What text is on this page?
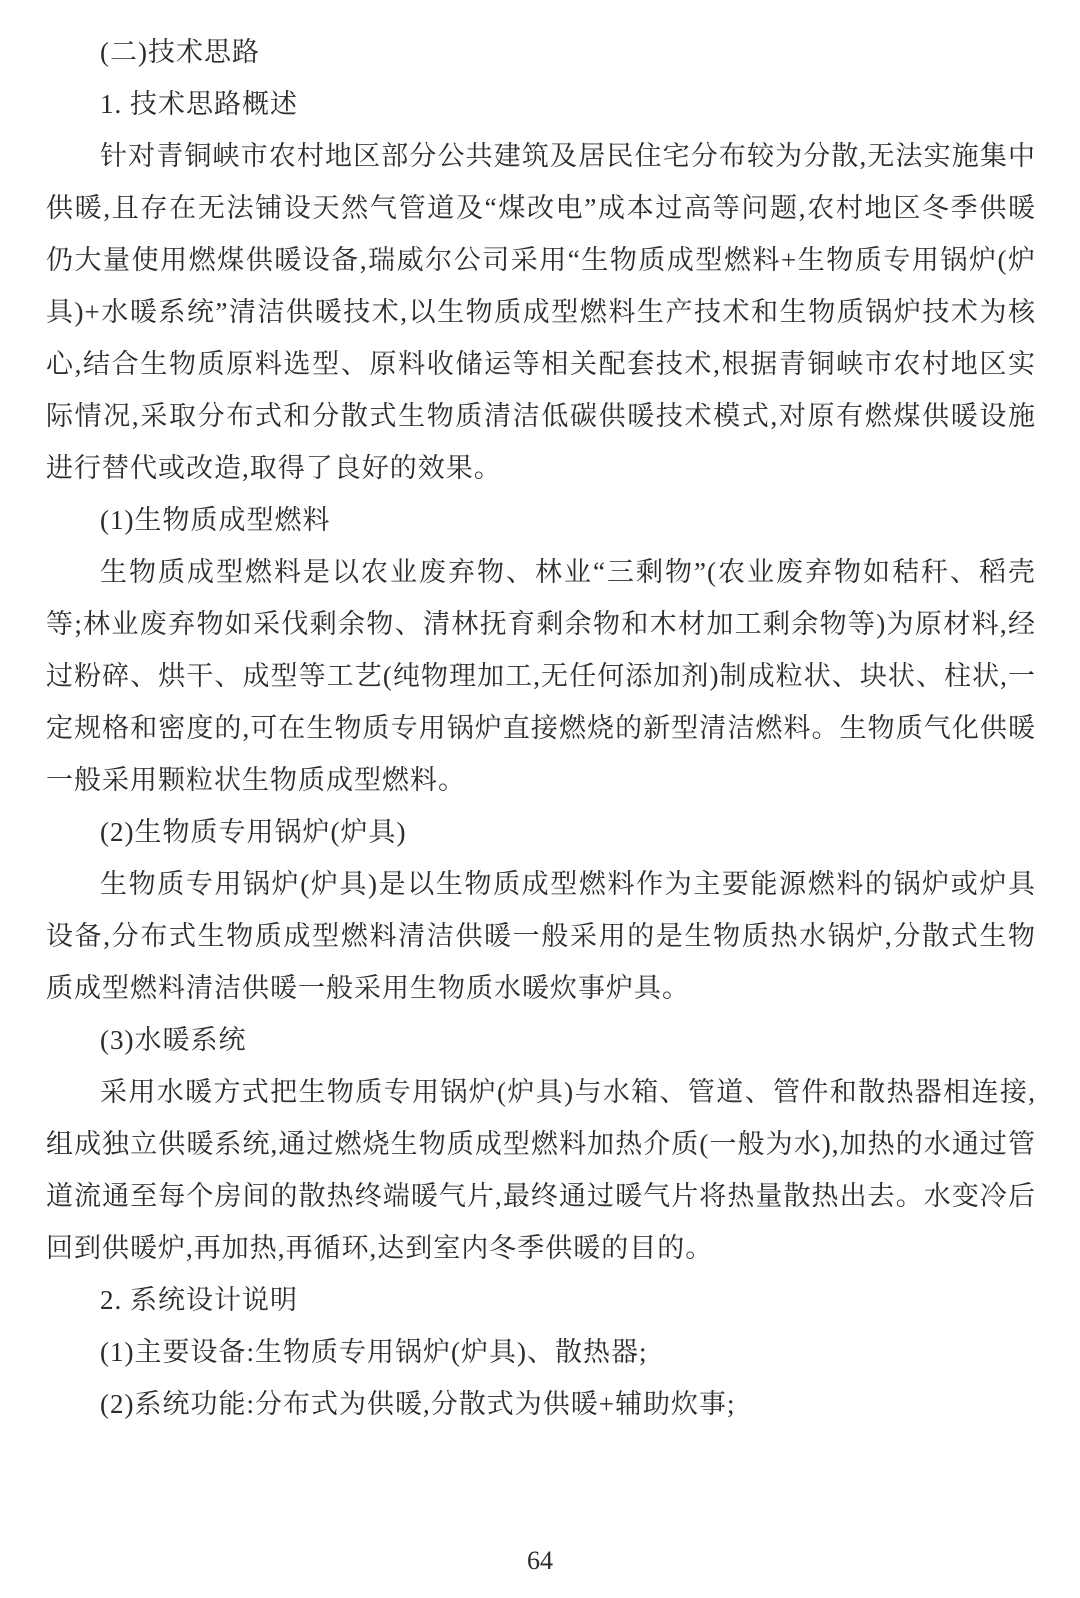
(二)技术思路

1. 技术思路概述

针对青铜峡市农村地区部分公共建筑及居民住宅分布较为分散,无法实施集中供暖,且存在无法铺设天然气管道及“煤改电”成本过高等问题,农村地区冬季供暖仍大量使用燃煤供暖设备,瑞威尔公司采用“生物质成型燃料+生物质专用锅炉(炉具)+水暖系统”清洁供暖技术,以生物质成型燃料生产技术和生物质锅炉技术为核心,结合生物质原料选型、原料收储运等相关配套技术,根据青铜峡市农村地区实际情况,采取分布式和分散式生物质清洁低碳供暖技术模式,对原有燃煤供暖设施进行替代或改造,取得了良好的效果。

(1)生物质成型燃料

生物质成型燃料是以农业废弃物、林业“三剩物”(农业废弃物如秸秆、稻壳等;林业废弃物如采伐剩余物、清林抚育剩余物和木材加工剩余物等)为原材料,经过粉碎、烘干、成型等工艺(纯物理加工,无任何添加剂)制成粒状、块状、柱状,一定规格和密度的,可在生物质专用锅炉直接燃烧的新型清洁燃料。生物质气化供暖一般采用颗粒状生物质成型燃料。

(2)生物质专用锅炉(炉具)

生物质专用锅炉(炉具)是以生物质成型燃料作为主要能源燃料的锅炉或炉具设备,分布式生物质成型燃料清洁供暖一般采用的是生物质热水锅炉,分散式生物质成型燃料清洁供暖一般采用生物质水暖炊事炉具。

(3)水暖系统

采用水暖方式把生物质专用锅炉(炉具)与水箱、管道、管件和散热器相连接,组成独立供暖系统,通过燃烧生物质成型燃料加热介质(一般为水),加热的水通过管道流通至每个房间的散热终端暖气片,最终通过暖气片将热量散热出去。水变冷后回到供暖炉,再加热,再循环,达到室内冬季供暖的目的。

2. 系统设计说明

(1)主要设备:生物质专用锅炉(炉具)、散热器;

(2)系统功能:分布式为供暖,分散式为供暖+辅助炊事;

64
